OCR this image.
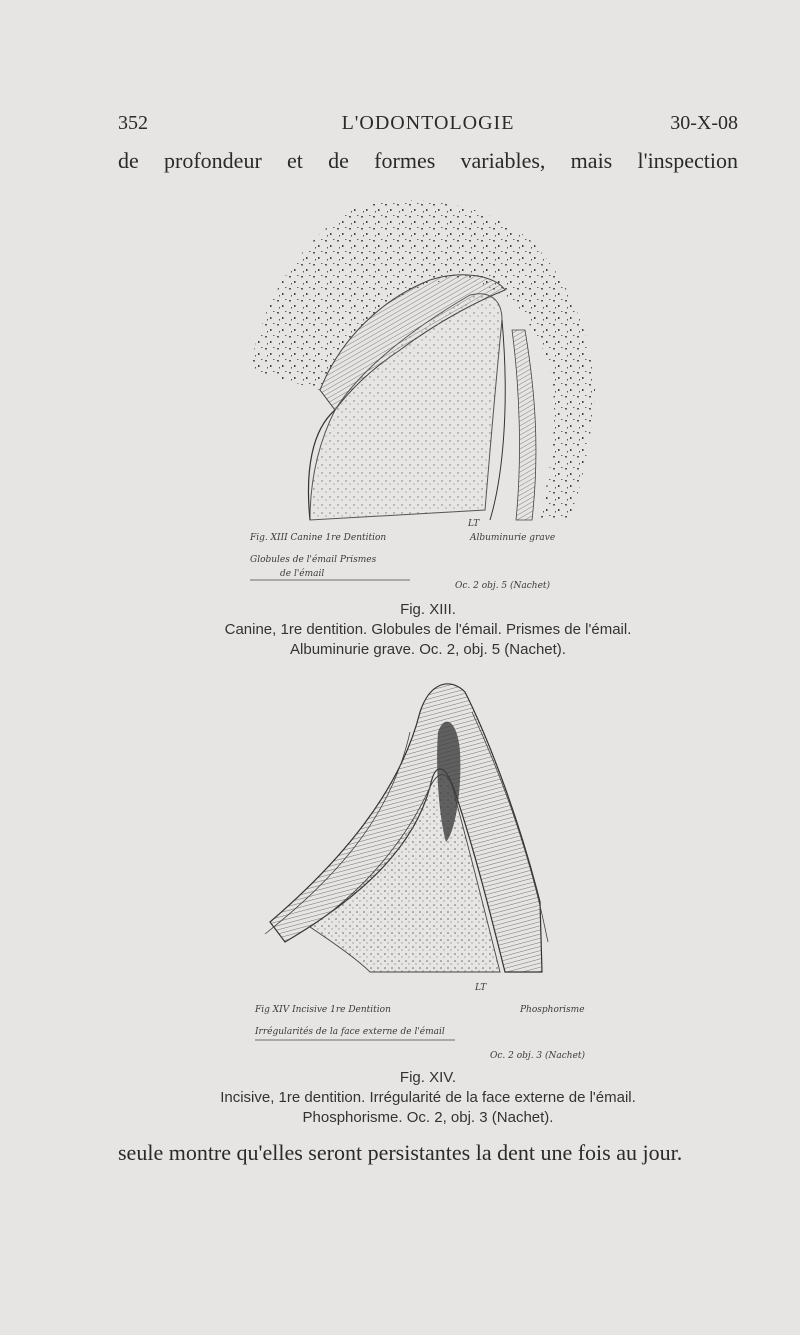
352	L'ODONTOLOGIE	30-X-08
de profondeur et de formes variables, mais l'inspection
Fig. XIII Canine 1re Dentition	Albuminurie grave
LT
Globules de l'émail Prismes
de l'émail
Oc. 2 obj. 5 (Nachet)
Fig. XIII.
Canine, 1re dentition. Globules de l'émail. Prismes de l'émail.
Albuminurie grave. Oc. 2, obj. 5 (Nachet).
LT
Fig XIV Incisive 1re Dentition	Phosphorisme
Irrégularités de la face externe de l'émail
Oc. 2 obj. 3 (Nachet)
Fig. XIV.
Incisive, 1re dentition. Irrégularité de la face externe de l'émail.
Phosphorisme. Oc. 2, obj. 3 (Nachet).
seule montre qu'elles seront persistantes la dent une fois au jour.
